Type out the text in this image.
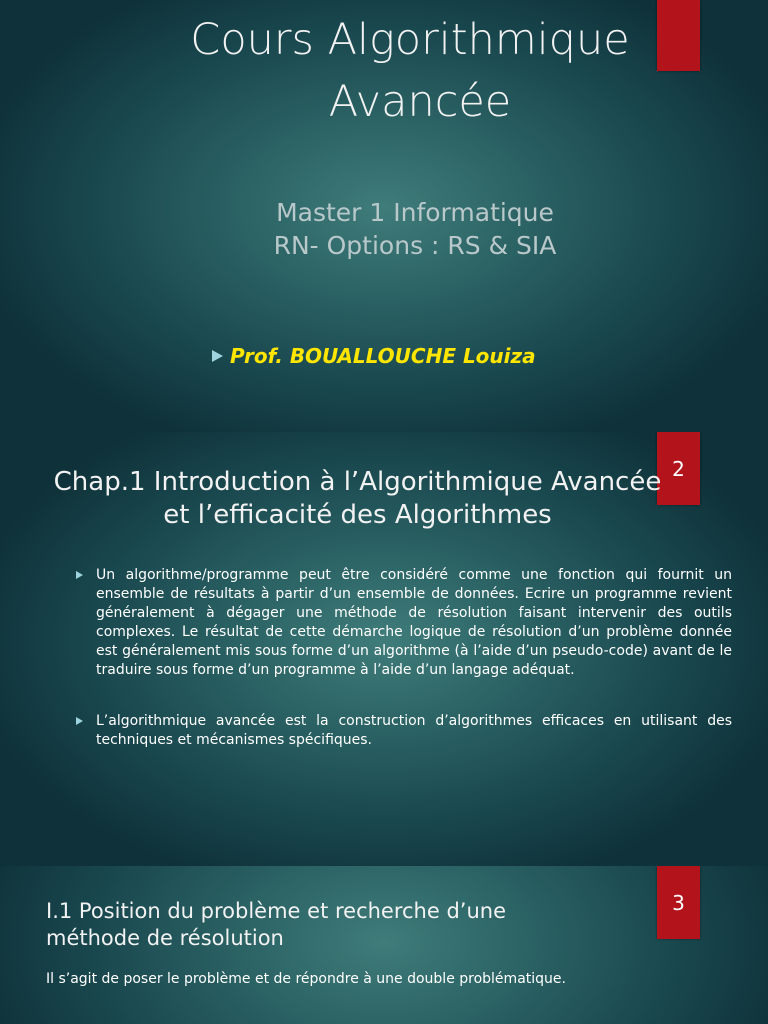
Cours Algorithmique
Avancée
Master 1 Informatique
RN- Options : RS & SIA
Prof. BOUALLOUCHE Louiza
2
Chap.1 Introduction à l’Algorithmique Avancée et l’efficacité des Algorithmes
Un algorithme/programme peut être considéré comme une fonction qui fournit un ensemble de résultats à partir d’un ensemble de données. Ecrire un programme revient généralement à dégager une méthode de résolution faisant intervenir des outils complexes. Le résultat de cette démarche logique de résolution d’un problème donnée est généralement mis sous forme d’un algorithme (à l’aide d’un pseudo-code) avant de le traduire sous forme d’un programme à l’aide d’un langage adéquat.
L’algorithmique avancée est la construction d’algorithmes efficaces en utilisant des techniques et mécanismes spécifiques.
3
I.1 Position du problème et recherche d’une méthode de résolution
Il s’agit de poser le problème et de répondre à une double problématique.
